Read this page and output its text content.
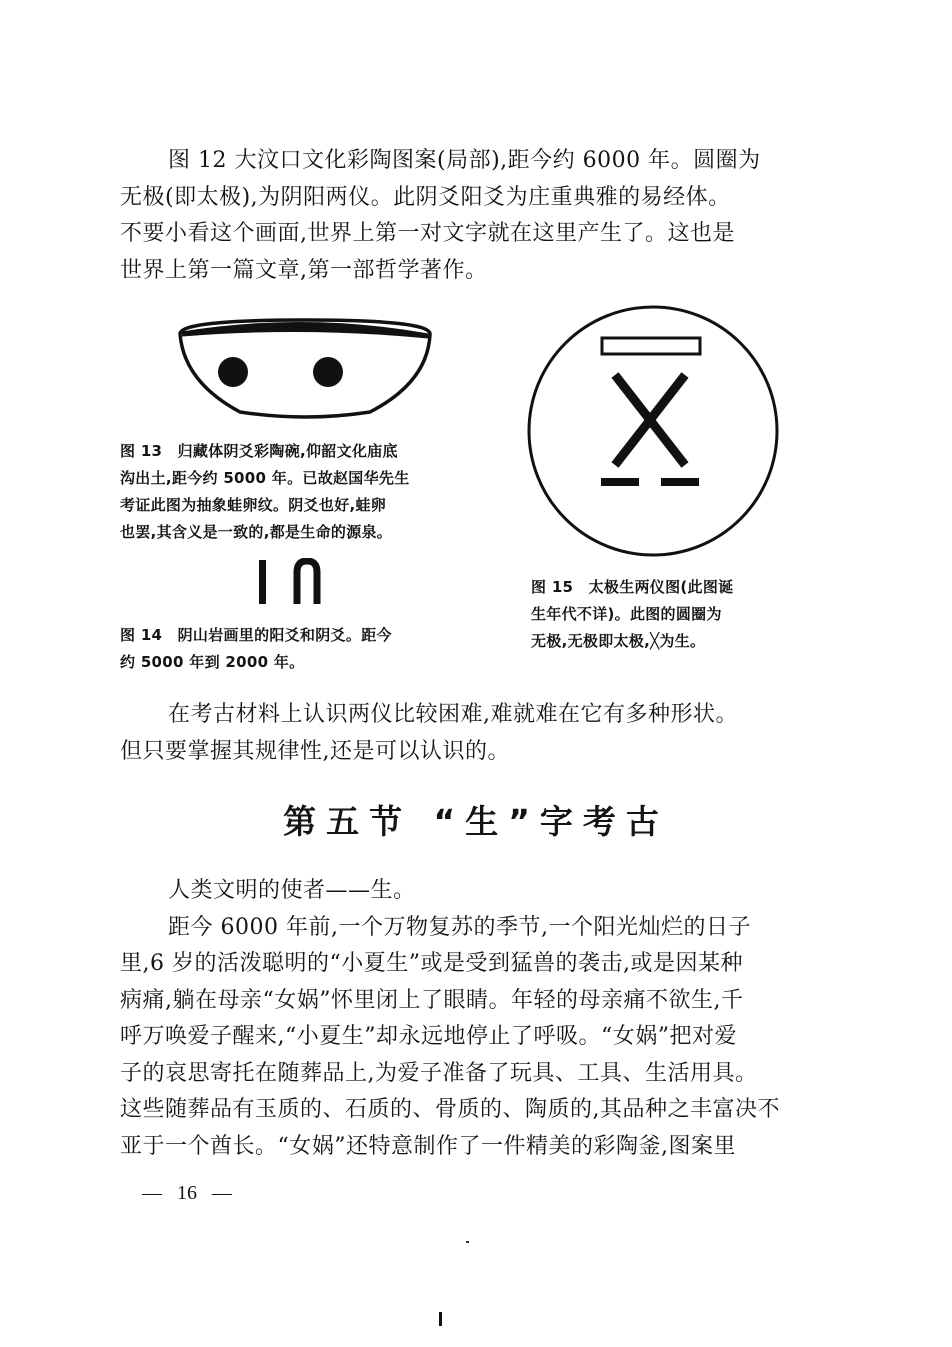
图 12 大汶口文化彩陶图案(局部),距今约 6000 年。圆圈为
无极(即太极),为阴阳两仪。此阴爻阳爻为庄重典雅的易经体。
不要小看这个画面,世界上第一对文字就在这里产生了。这也是
世界上第一篇文章,第一部哲学著作。
图 13　归藏体阴爻彩陶碗,仰韶文化庙底
沟出土,距今约 5000 年。已故赵国华先生
考证此图为抽象蛙卵纹。阴爻也好,蛙卵
也罢,其含义是一致的,都是生命的源泉。
图 14　阴山岩画里的阳爻和阴爻。距今
约 5000 年到 2000 年。
图 15　太极生两仪图(此图诞
生年代不详)。此图的圆圈为
无极,无极即太极,╳为生。
在考古材料上认识两仪比较困难,难就难在它有多种形状。
但只要掌握其规律性,还是可以认识的。
第五节 “生”字考古
人类文明的使者——生。
距今 6000 年前,一个万物复苏的季节,一个阳光灿烂的日子
里,6 岁的活泼聪明的“小夏生”或是受到猛兽的袭击,或是因某种
病痛,躺在母亲“女娲”怀里闭上了眼睛。年轻的母亲痛不欲生,千
呼万唤爱子醒来,“小夏生”却永远地停止了呼吸。“女娲”把对爱
子的哀思寄托在随葬品上,为爱子准备了玩具、工具、生活用具。
这些随葬品有玉质的、石质的、骨质的、陶质的,其品种之丰富决不
亚于一个酋长。“女娲”还特意制作了一件精美的彩陶釜,图案里
— 16 —
